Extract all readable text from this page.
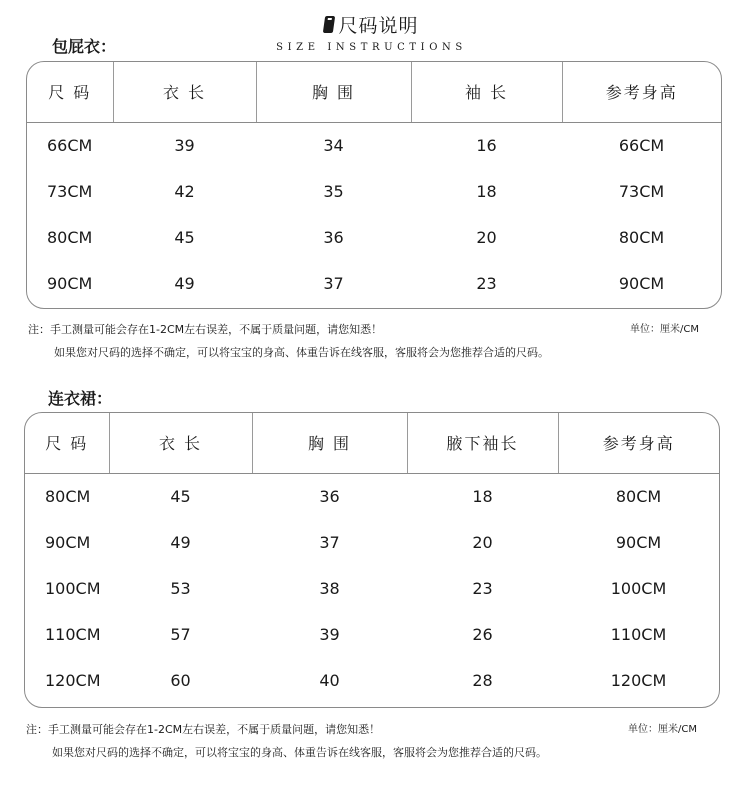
尺码说明
SIZE INSTRUCTIONS
包屁衣：
尺 码	衣 长	胸 围	袖 长	参考身高
66CM	39	34	16	66CM
73CM	42	35	18	73CM
80CM	45	36	20	80CM
90CM	49	37	23	90CM
注：手工测量可能会存在1-2CM左右误差，不属于质量问题，请您知悉！	单位：厘米/CM
如果您对尺码的选择不确定，可以将宝宝的身高、体重告诉在线客服，客服将会为您推荐合适的尺码。
连衣裙：
尺 码	衣 长	胸 围	腋下袖长	参考身高
80CM	45	36	18	80CM
90CM	49	37	20	90CM
100CM	53	38	23	100CM
110CM	57	39	26	110CM
120CM	60	40	28	120CM
注：手工测量可能会存在1-2CM左右误差，不属于质量问题，请您知悉！	单位：厘米/CM
如果您对尺码的选择不确定，可以将宝宝的身高、体重告诉在线客服，客服将会为您推荐合适的尺码。
